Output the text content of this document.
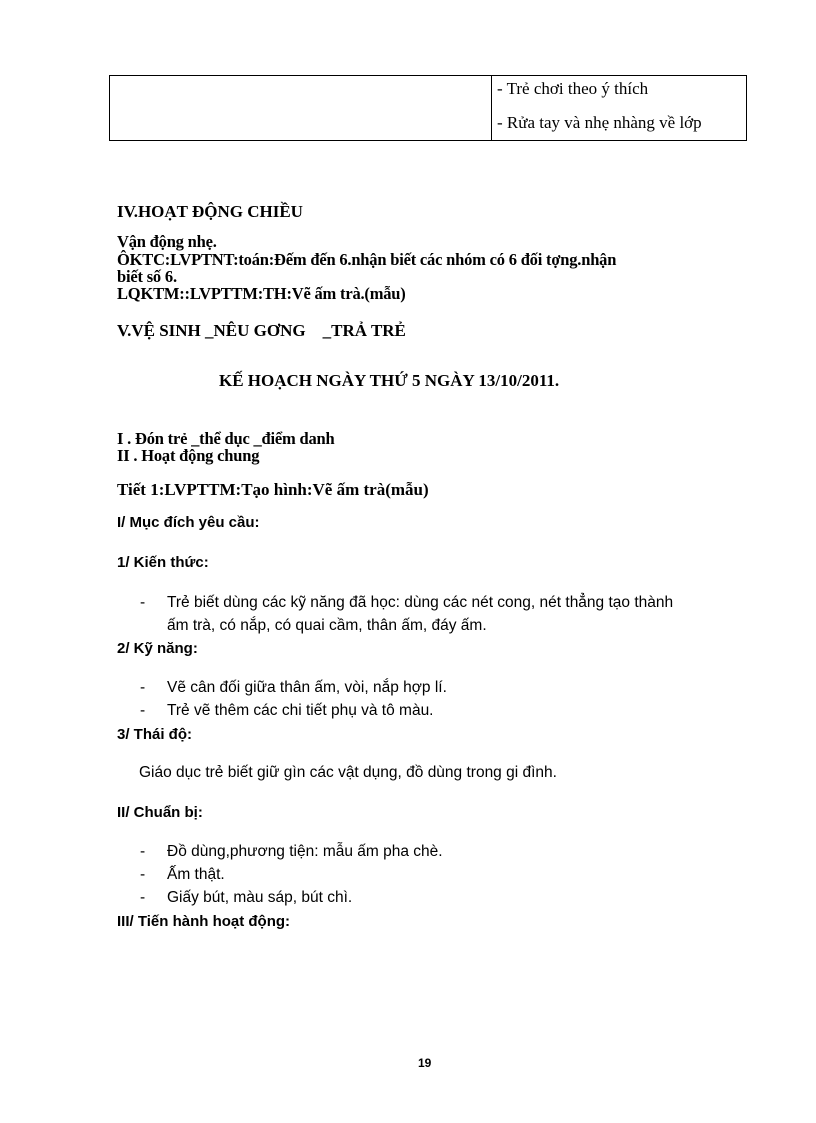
- Trẻ chơi theo ý thích
- Rửa tay và nhẹ nhàng về lớp
IV.HOẠT ĐỘNG CHIỀU
Vận động nhẹ.
ÔKTC:LVPTNT:toán:Đếm đến 6.nhận biết các nhóm có 6 đối tợng.nhận
biết số 6.
LQKTM::LVPTTM:TH:Vẽ ấm trà.(mẫu)
V.VỆ SINH _NÊU GƠNG    _TRẢ TRẺ
KẾ HOẠCH NGÀY THỨ 5 NGÀY 13/10/2011.
I . Đón trẻ _thể dục _điểm danh
II . Hoạt động chung
Tiết 1:LVPTTM:Tạo hình:Vẽ ấm trà(mẫu)
I/ Mục đích yêu cầu:
1/ Kiến thức:
- Trẻ biết dùng các kỹ năng đã học: dùng các nét cong, nét thẳng tạo thành
ấm trà, có nắp, có quai cầm, thân ấm, đáy ấm.
2/ Kỹ năng:
- Vẽ cân đối giữa thân ấm, vòi, nắp hợp lí.
- Trẻ vẽ thêm các chi tiết phụ và tô màu.
3/ Thái độ:
Giáo dục trẻ biết giữ gìn các vật dụng, đồ dùng trong gi đình.
II/ Chuẩn bị:
- Đồ dùng,phương tiện: mẫu ấm pha chè.
- Ấm thật.
- Giấy bút, màu sáp, bút chì.
III/ Tiến hành hoạt động:
19
